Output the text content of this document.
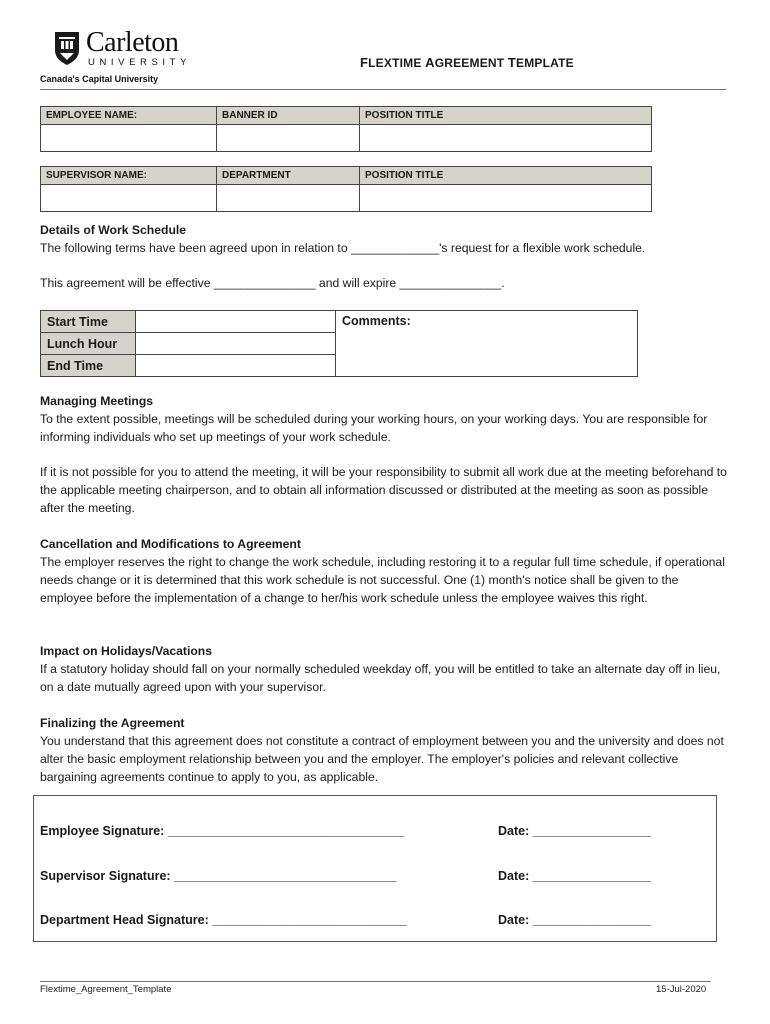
Carleton
UNIVERSITY
Canada's Capital University
FLEXTIME AGREEMENT TEMPLATE
EMPLOYEE NAME:	BANNER ID	POSITION TITLE

SUPERVISOR NAME:	DEPARTMENT	POSITION TITLE

Details of Work Schedule
The following terms have been agreed upon in relation to _____________'s request for a flexible work schedule.
This agreement will be effective _______________ and will expire _______________.
Start Time		Comments:
Lunch Hour		
End Time		
Managing Meetings
To the extent possible, meetings will be scheduled during your working hours, on your working days. You are responsible for informing individuals who set up meetings of your work schedule.
If it is not possible for you to attend the meeting, it will be your responsibility to submit all work due at the meeting beforehand to the applicable meeting chairperson, and to obtain all information discussed or distributed at the meeting as soon as possible after the meeting.
Cancellation and Modifications to Agreement
The employer reserves the right to change the work schedule, including restoring it to a regular full time schedule, if operational needs change or it is determined that this work schedule is not successful. One (1) month's notice shall be given to the employee before the implementation of a change to her/his work schedule unless the employee waives this right.
Impact on Holidays/Vacations
If a statutory holiday should fall on your normally scheduled weekday off, you will be entitled to take an alternate day off in lieu, on a date mutually agreed upon with your supervisor.
Finalizing the Agreement
You understand that this agreement does not constitute a contract of employment between you and the university and does not alter the basic employment relationship between you and the employer. The employer's policies and relevant collective bargaining agreements continue to apply to you, as applicable.
Employee Signature: __________________________________	Date: _________________
Supervisor Signature: ________________________________	Date: _________________
Department Head Signature: ____________________________	Date: _________________
Flextime_Agreement_Template	15-Jul-2020
